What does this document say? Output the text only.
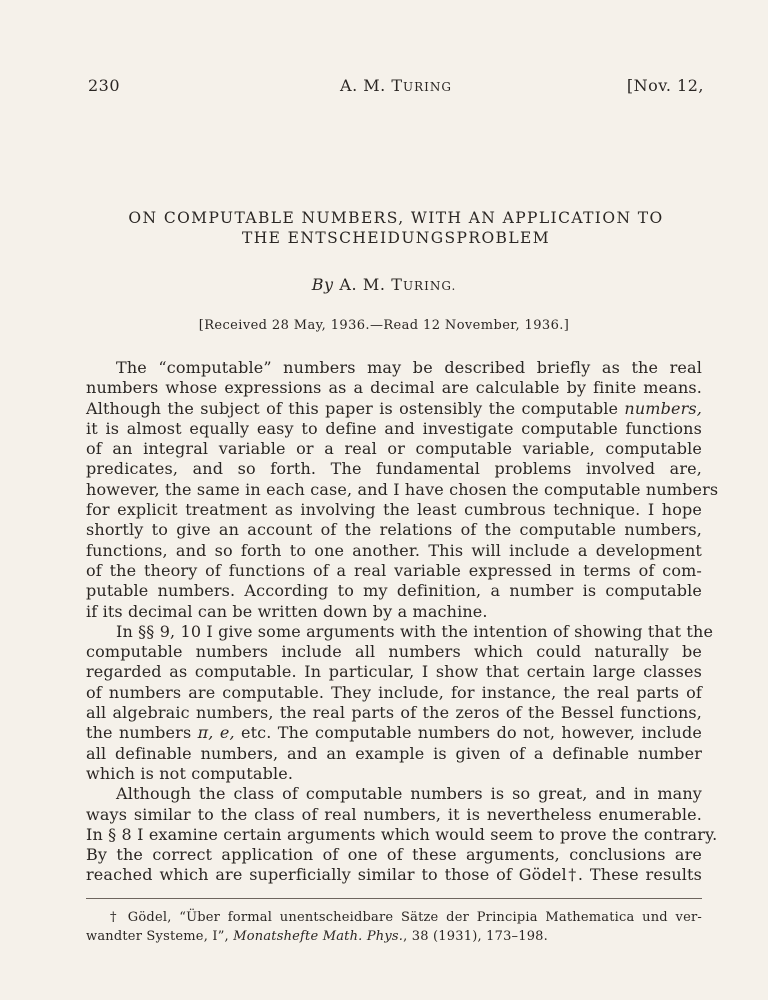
230	A. M. TURING	[Nov. 12,
ON COMPUTABLE NUMBERS, WITH AN APPLICATION TO
THE ENTSCHEIDUNGSPROBLEM
By A. M. TURING.
[Received 28 May, 1936.—Read 12 November, 1936.]
The “computable” numbers may be described briefly as the real
numbers whose expressions as a decimal are calculable by finite means.
Although the subject of this paper is ostensibly the computable numbers,
it is almost equally easy to define and investigate computable functions
of an integral variable or a real or computable variable, computable
predicates, and so forth. The fundamental problems involved are,
however, the same in each case, and I have chosen the computable numbers
for explicit treatment as involving the least cumbrous technique. I hope
shortly to give an account of the relations of the computable numbers,
functions, and so forth to one another. This will include a development
of the theory of functions of a real variable expressed in terms of com-
putable numbers. According to my definition, a number is computable
if its decimal can be written down by a machine.
In §§ 9, 10 I give some arguments with the intention of showing that the
computable numbers include all numbers which could naturally be
regarded as computable. In particular, I show that certain large classes
of numbers are computable. They include, for instance, the real parts of
all algebraic numbers, the real parts of the zeros of the Bessel functions,
the numbers π, e, etc. The computable numbers do not, however, include
all definable numbers, and an example is given of a definable number
which is not computable.
Although the class of computable numbers is so great, and in many
ways similar to the class of real numbers, it is nevertheless enumerable.
In § 8 I examine certain arguments which would seem to prove the contrary.
By the correct application of one of these arguments, conclusions are
reached which are superficially similar to those of Gödel†. These results
† Gödel, “Über formal unentscheidbare Sätze der Principia Mathematica und ver-
wandter Systeme, I”, Monatshefte Math. Phys., 38 (1931), 173–198.
